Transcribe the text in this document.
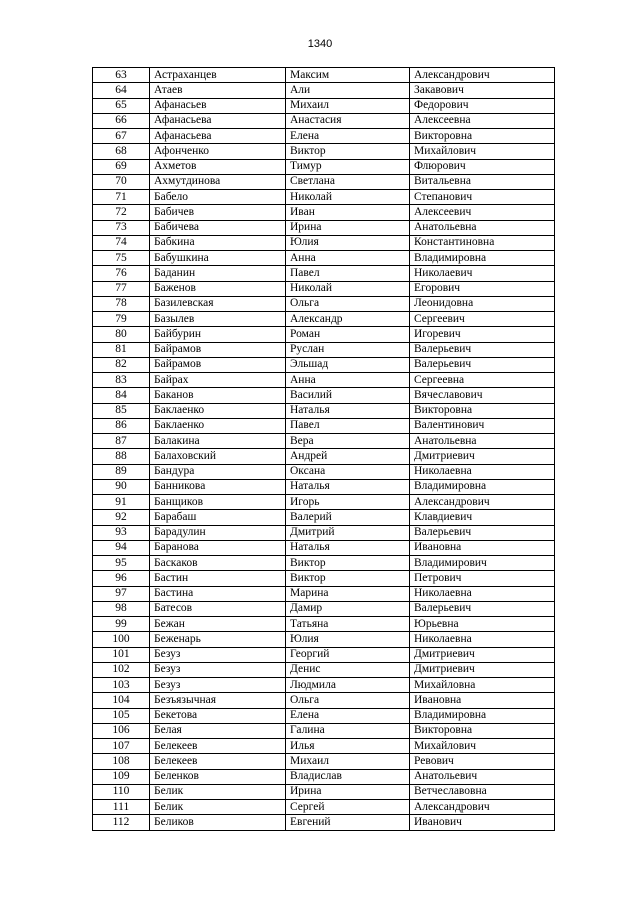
1340
63	Астраханцев	Максим	Александрович
64	Атаев	Али	Закавович
65	Афанасьев	Михаил	Федорович
66	Афанасьева	Анастасия	Алексеевна
67	Афанасьева	Елена	Викторовна
68	Афонченко	Виктор	Михайлович
69	Ахметов	Тимур	Флюрович
70	Ахмутдинова	Светлана	Витальевна
71	Бабело	Николай	Степанович
72	Бабичев	Иван	Алексеевич
73	Бабичева	Ирина	Анатольевна
74	Бабкина	Юлия	Константиновна
75	Бабушкина	Анна	Владимировна
76	Баданин	Павел	Николаевич
77	Баженов	Николай	Егорович
78	Базилевская	Ольга	Леонидовна
79	Базылев	Александр	Сергеевич
80	Байбурин	Роман	Игоревич
81	Байрамов	Руслан	Валерьевич
82	Байрамов	Эльшад	Валерьевич
83	Байрах	Анна	Сергеевна
84	Баканов	Василий	Вячеславович
85	Баклаенко	Наталья	Викторовна
86	Баклаенко	Павел	Валентинович
87	Балакина	Вера	Анатольевна
88	Балаховский	Андрей	Дмитриевич
89	Бандура	Оксана	Николаевна
90	Банникова	Наталья	Владимировна
91	Банщиков	Игорь	Александрович
92	Барабаш	Валерий	Клавдиевич
93	Барадулин	Дмитрий	Валерьевич
94	Баранова	Наталья	Ивановна
95	Баскаков	Виктор	Владимирович
96	Бастин	Виктор	Петрович
97	Бастина	Марина	Николаевна
98	Батесов	Дамир	Валерьевич
99	Бежан	Татьяна	Юрьевна
100	Беженарь	Юлия	Николаевна
101	Безуз	Георгий	Дмитриевич
102	Безуз	Денис	Дмитриевич
103	Безуз	Людмила	Михайловна
104	Безъязычная	Ольга	Ивановна
105	Бекетова	Елена	Владимировна
106	Белая	Галина	Викторовна
107	Белекеев	Илья	Михайлович
108	Белекеев	Михаил	Ревович
109	Беленков	Владислав	Анатольевич
110	Белик	Ирина	Ветчеславовна
111	Белик	Сергей	Александрович
112	Беликов	Евгений	Иванович
